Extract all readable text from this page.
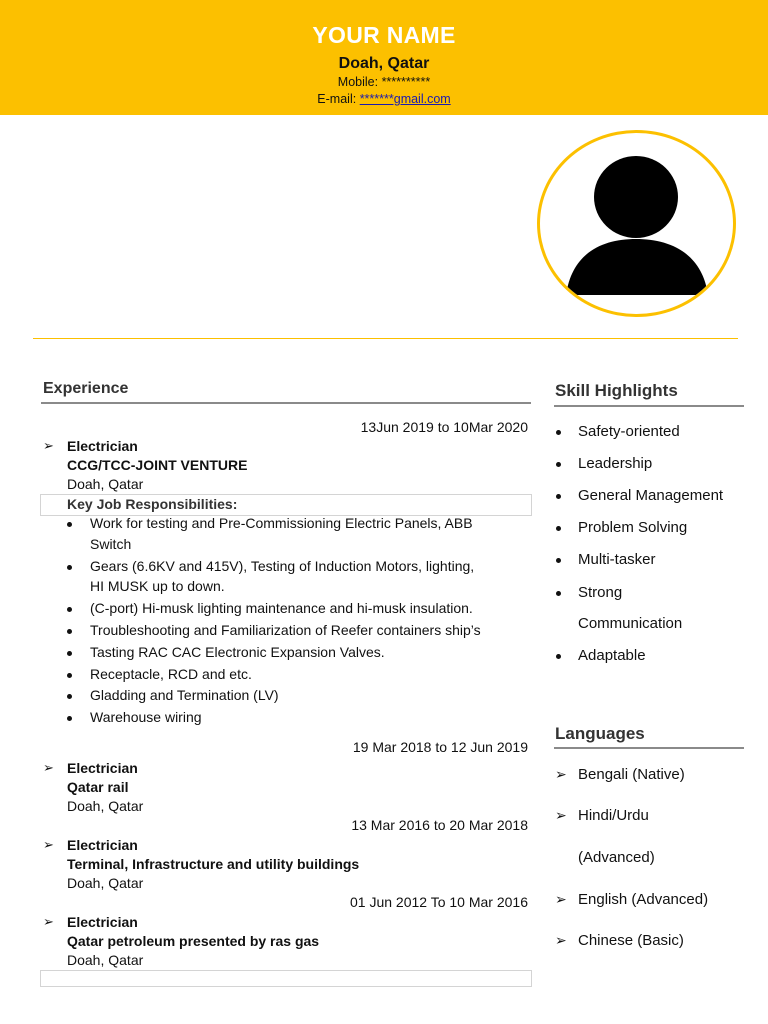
YOUR NAME
Doah, Qatar
Mobile: **********
E-mail: *******gmail.com
Experience
13Jun 2019 to 10Mar 2020
➢ Electrician
CCG/TCC-JOINT VENTURE
Doah, Qatar
Key Job Responsibilities:
Work for testing and Pre-Commissioning Electric Panels, ABB
Switch
Gears (6.6KV and 415V), Testing of Induction Motors, lighting,
HI MUSK up to down.
(C-port) Hi-musk lighting maintenance and hi-musk insulation.
Troubleshooting and Familiarization of Reefer containers ship’s
Tasting RAC CAC Electronic Expansion Valves.
Receptacle, RCD and etc.
Gladding and Termination (LV)
Warehouse wiring
19 Mar 2018 to 12 Jun 2019
➢ Electrician
Qatar rail
Doah, Qatar
13 Mar 2016 to 20 Mar 2018
➢ Electrician
Terminal, Infrastructure and utility buildings
Doah, Qatar
01 Jun 2012 To 10 Mar 2016
➢ Electrician
Qatar petroleum presented by ras gas
Doah, Qatar
Skill Highlights
Safety-oriented
Leadership
General Management
Problem Solving
Multi-tasker
Strong
Communication
Adaptable
Languages
➢ Bengali (Native)
➢ Hindi/Urdu
(Advanced)
➢ English (Advanced)
➢ Chinese (Basic)
